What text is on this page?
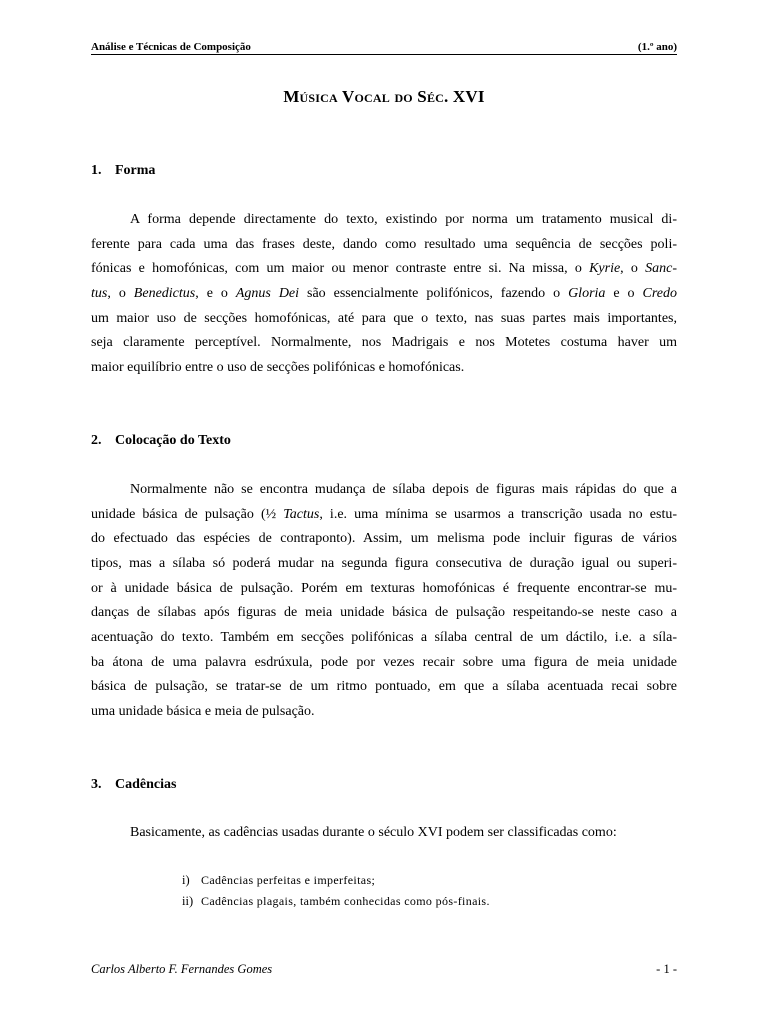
Análise e Técnicas de Composição	(1.º ano)
Música Vocal do Séc. XVI
1. Forma
A forma depende directamente do texto, existindo por norma um tratamento musical di-
ferente para cada uma das frases deste, dando como resultado uma sequência de secções poli-
fónicas e homofónicas, com um maior ou menor contraste entre si. Na missa, o Kyrie, o Sanc-
tus, o Benedictus, e o Agnus Dei são essencialmente polifónicos, fazendo o Gloria e o Credo
um maior uso de secções homofónicas, até para que o texto, nas suas partes mais importantes,
seja claramente perceptível. Normalmente, nos Madrigais e nos Motetes costuma haver um
maior equilíbrio entre o uso de secções polifónicas e homofónicas.
2. Colocação do Texto
Normalmente não se encontra mudança de sílaba depois de figuras mais rápidas do que a
unidade básica de pulsação (½ Tactus, i.e. uma mínima se usarmos a transcrição usada no estu-
do efectuado das espécies de contraponto). Assim, um melisma pode incluir figuras de vários
tipos, mas a sílaba só poderá mudar na segunda figura consecutiva de duração igual ou superi-
or à unidade básica de pulsação. Porém em texturas homofónicas é frequente encontrar-se mu-
danças de sílabas após figuras de meia unidade básica de pulsação respeitando-se neste caso a
acentuação do texto. Também em secções polifónicas a sílaba central de um dáctilo, i.e. a síla-
ba átona de uma palavra esdrúxula, pode por vezes recair sobre uma figura de meia unidade
básica de pulsação, se tratar-se de um ritmo pontuado, em que a sílaba acentuada recai sobre
uma unidade básica e meia de pulsação.
3. Cadências
Basicamente, as cadências usadas durante o século XVI podem ser classificadas como:
i) Cadências perfeitas e imperfeitas;
ii) Cadências plagais, também conhecidas como pós-finais.
Carlos Alberto F. Fernandes Gomes	- 1 -
